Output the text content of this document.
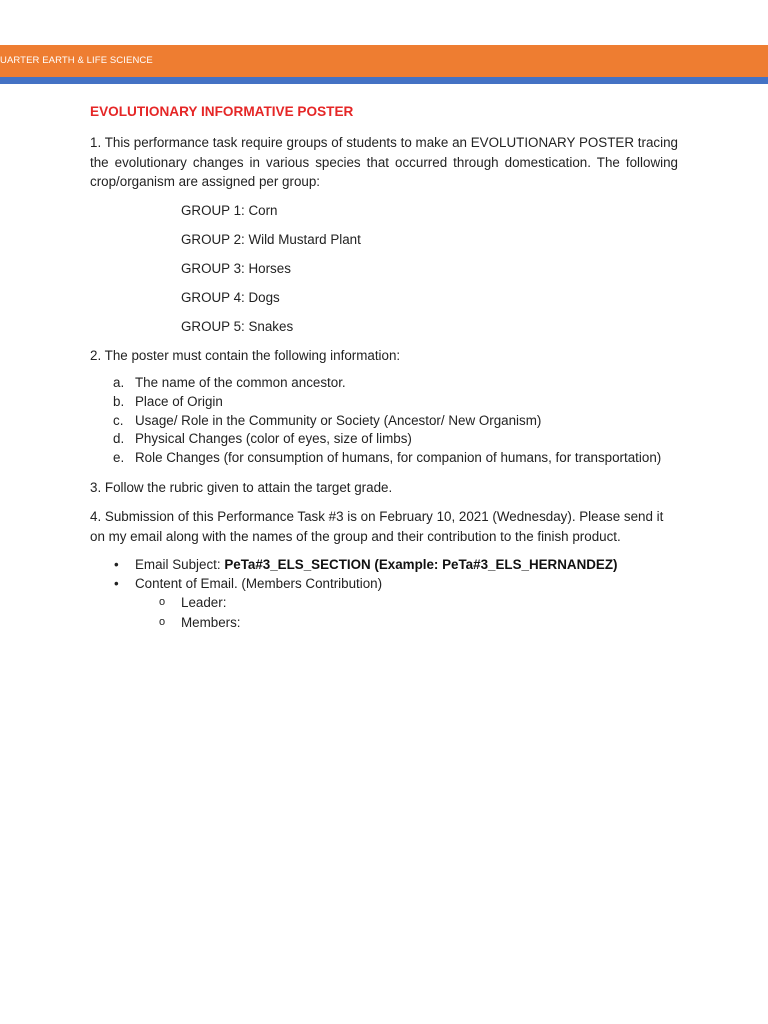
UARTER EARTH & LIFE SCIENCE
EVOLUTIONARY INFORMATIVE POSTER

1. This performance task require groups of students to make an EVOLUTIONARY POSTER tracing the evolutionary changes in various species that occurred through domestication. The following crop/organism are assigned per group:

GROUP 1: Corn
GROUP 2: Wild Mustard Plant
GROUP 3: Horses
GROUP 4: Dogs
GROUP 5: Snakes

2. The poster must contain the following information:

a. The name of the common ancestor.
b. Place of Origin
c. Usage/ Role in the Community or Society (Ancestor/ New Organism)
d. Physical Changes (color of eyes, size of limbs)
e. Role Changes (for consumption of humans, for companion of humans, for transportation)

3. Follow the rubric given to attain the target grade.

4. Submission of this Performance Task #3 is on February 10, 2021 (Wednesday). Please send it on my email along with the names of the group and their contribution to the finish product.

• Email Subject: PeTa#3_ELS_SECTION (Example: PeTa#3_ELS_HERNANDEZ)
• Content of Email. (Members Contribution)
o Leader:
o Members:
